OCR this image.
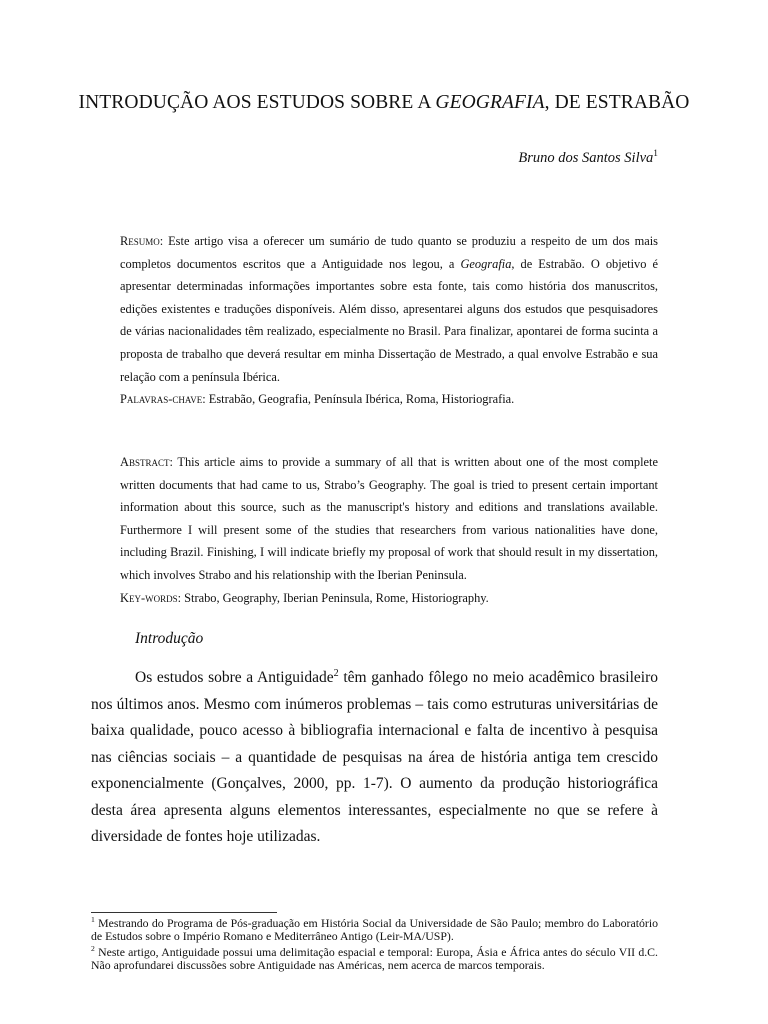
INTRODUÇÃO AOS ESTUDOS SOBRE A GEOGRAFIA, DE ESTRABÃO
Bruno dos Santos Silva$^1$

Resumo: Este artigo visa a oferecer um sumário de tudo quanto se produziu a respeito de um dos mais completos documentos escritos que a Antiguidade nos legou, a Geografia, de Estrabão. O objetivo é apresentar determinadas informações importantes sobre esta fonte, tais como história dos manuscritos, edições existentes e traduções disponíveis. Além disso, apresentarei alguns dos estudos que pesquisadores de várias nacionalidades têm realizado, especialmente no Brasil. Para finalizar, apontarei de forma sucinta a proposta de trabalho que deverá resultar em minha Dissertação de Mestrado, a qual envolve Estrabão e sua relação com a península Ibérica.

Palavras-chave: Estrabão, Geografia, Península Ibérica, Roma, Historiografia.

Abstract: This article aims to provide a summary of all that is written about one of the most complete written documents that had came to us, Strabo’s Geography. The goal is tried to present certain important information about this source, such as the manuscript's history and editions and translations available. Furthermore I will present some of the studies that researchers from various nationalities have done, including Brazil. Finishing, I will indicate briefly my proposal of work that should result in my dissertation, which involves Strabo and his relationship with the Iberian Peninsula.

Key-words: Strabo, Geography, Iberian Peninsula, Rome, Historiography.

Introdução

Os estudos sobre a Antiguidade$^2$ têm ganhado fôlego no meio acadêmico brasileiro nos últimos anos. Mesmo com inúmeros problemas – tais como estruturas universitárias de baixa qualidade, pouco acesso à bibliografia internacional e falta de incentivo à pesquisa nas ciências sociais – a quantidade de pesquisas na área de história antiga tem crescido exponencialmente (Gonçalves, 2000, pp. 1-7). O aumento da produção historiográfica desta área apresenta alguns elementos interessantes, especialmente no que se refere à diversidade de fontes hoje utilizadas.

$^1$ Mestrando do Programa de Pós-graduação em História Social da Universidade de São Paulo; membro do Laboratório de Estudos sobre o Império Romano e Mediterrâneo Antigo (Leir-MA/USP).

$^2$ Neste artigo, Antiguidade possui uma delimitação espacial e temporal: Europa, Ásia e África antes do século VII d.C. Não aprofundarei discussões sobre Antiguidade nas Américas, nem acerca de marcos temporais.
